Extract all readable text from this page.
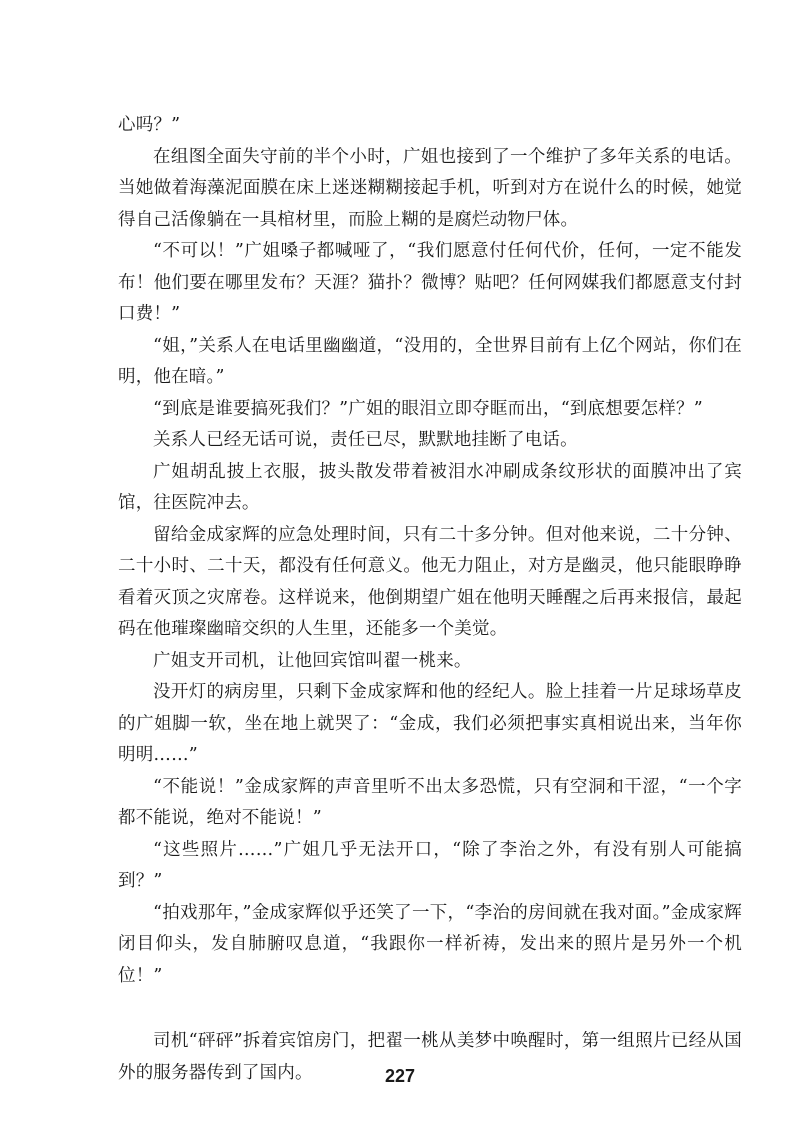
心吗？”

在组图全面失守前的半个小时，广姐也接到了一个维护了多年关系的电话。当她做着海藻泥面膜在床上迷迷糊糊接起手机，听到对方在说什么的时候，她觉得自己活像躺在一具棺材里，而脸上糊的是腐烂动物尸体。

“不可以！”广姐嗓子都喊哑了，“我们愿意付任何代价，任何，一定不能发布！他们要在哪里发布？天涯？猫扑？微博？贴吧？任何网媒我们都愿意支付封口费！”

“姐，”关系人在电话里幽幽道，“没用的，全世界目前有上亿个网站，你们在明，他在暗。”

“到底是谁要搞死我们？”广姐的眼泪立即夺眶而出，“到底想要怎样？”

关系人已经无话可说，责任已尽，默默地挂断了电话。

广姐胡乱披上衣服，披头散发带着被泪水冲刷成条纹形状的面膜冲出了宾馆，往医院冲去。

留给金成家辉的应急处理时间，只有二十多分钟。但对他来说，二十分钟、二十小时、二十天，都没有任何意义。他无力阻止，对方是幽灵，他只能眼睁睁看着灭顶之灾席卷。这样说来，他倒期望广姐在他明天睡醒之后再来报信，最起码在他璀璨幽暗交织的人生里，还能多一个美觉。

广姐支开司机，让他回宾馆叫翟一桃来。

没开灯的病房里，只剩下金成家辉和他的经纪人。脸上挂着一片足球场草皮的广姐脚一软，坐在地上就哭了：“金成，我们必须把事实真相说出来，当年你明明……”

“不能说！”金成家辉的声音里听不出太多恐慌，只有空洞和干涩，“一个字都不能说，绝对不能说！”

“这些照片……”广姐几乎无法开口，“除了李治之外，有没有别人可能搞到？”

“拍戏那年，”金成家辉似乎还笑了一下，“李治的房间就在我对面。”金成家辉闭目仰头，发自肺腑叹息道，“我跟你一样祈祷，发出来的照片是另外一个机位！”

司机“砰砰”拆着宾馆房门，把翟一桃从美梦中唤醒时，第一组照片已经从国外的服务器传到了国内。	227
